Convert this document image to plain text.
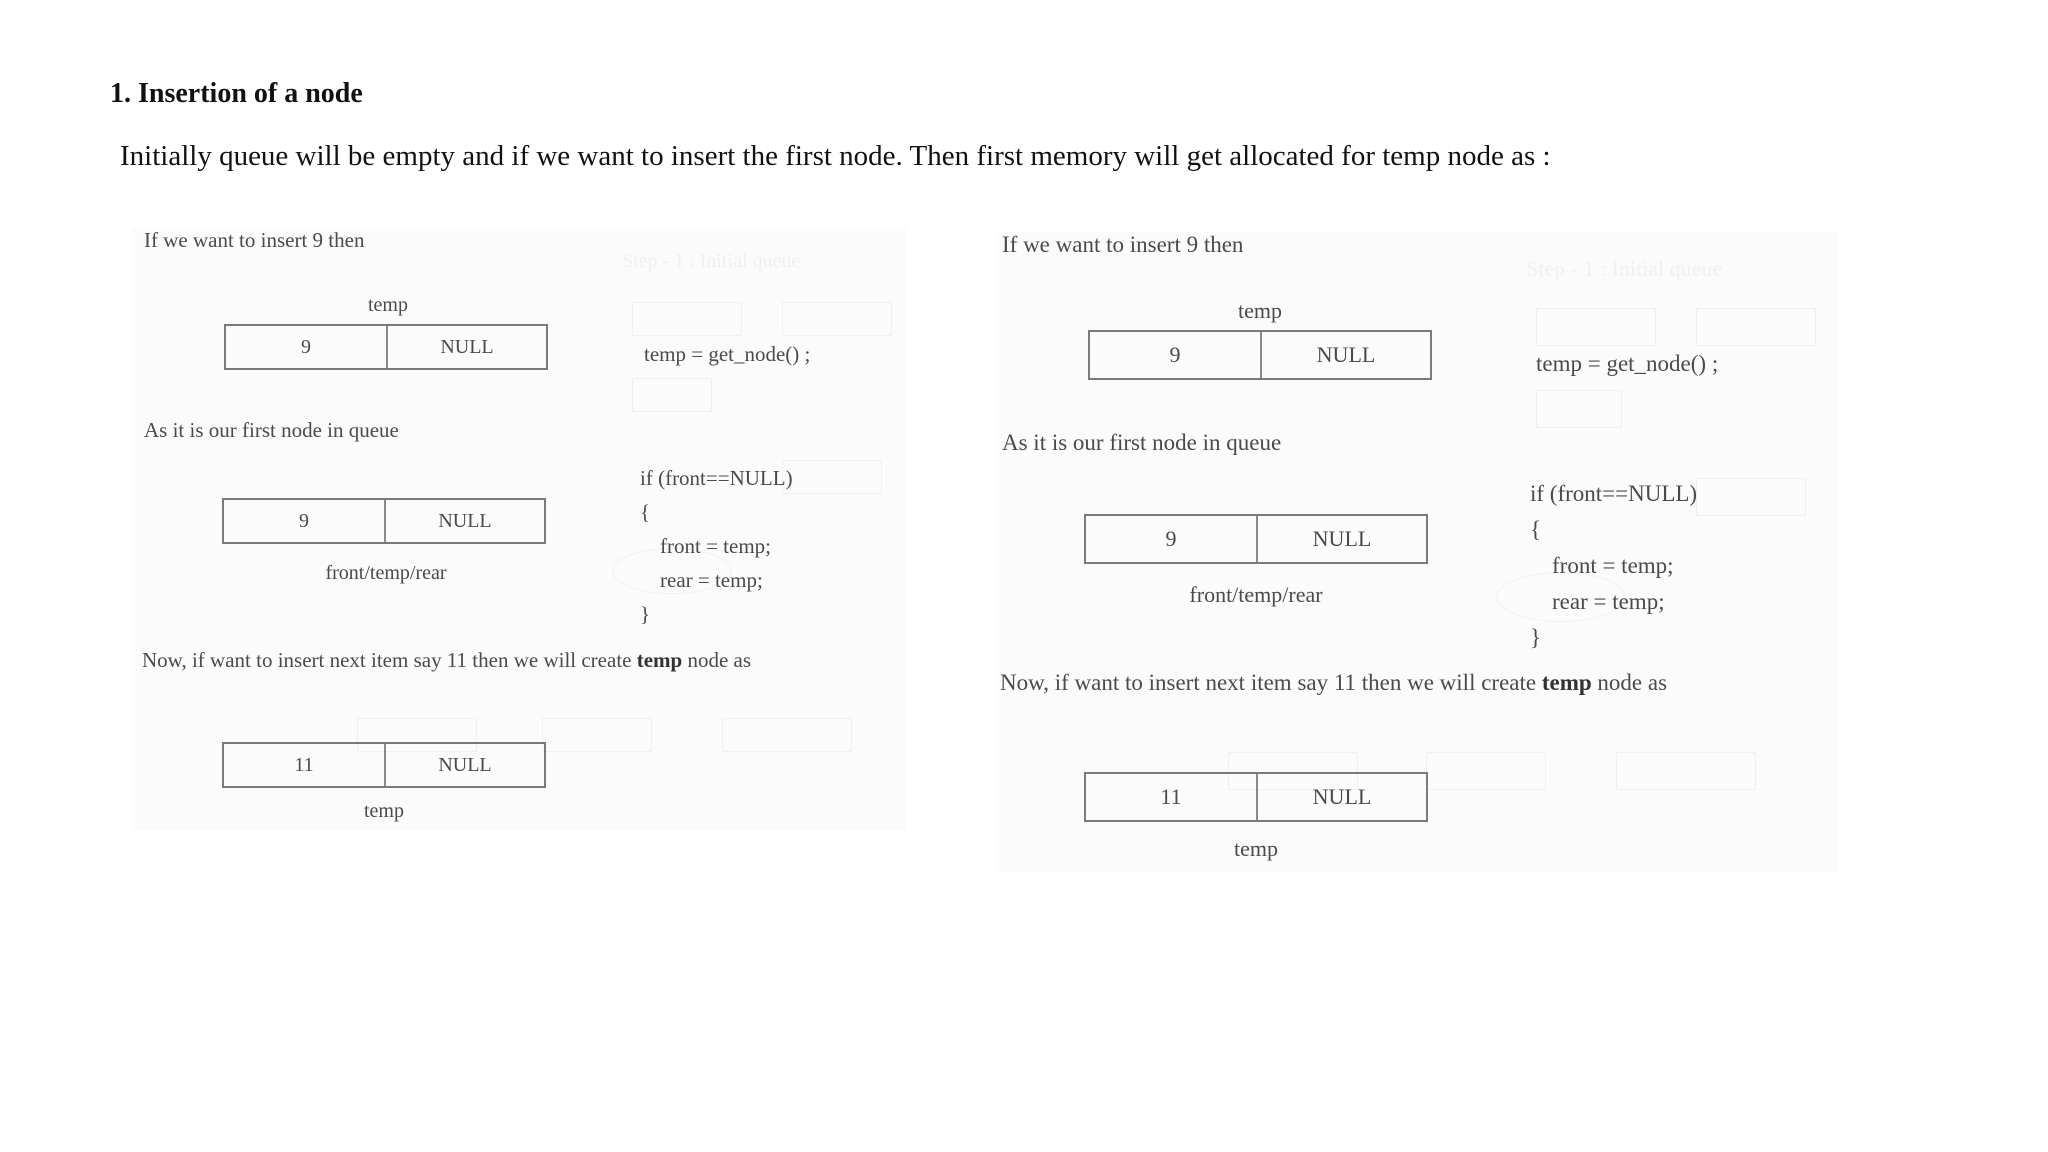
1. Insertion of a node
Initially queue will be empty and if we want to insert the first node. Then first memory will get allocated for temp node as :
Step - 1 : Initial queue
If we want to insert 9 then
temp
9	NULL	temp = get_node() ;
As it is our first node in queue
9	NULL
front/temp/rear
if (front==NULL)
{
front = temp;
rear = temp;
}
Now, if want to insert next item say 11 then we will create temp node as
11	NULL
temp
Step - 1 : Initial queue
If we want to insert 9 then
temp
9	NULL	temp = get_node() ;
As it is our first node in queue
9	NULL
front/temp/rear
if (front==NULL)
{
front = temp;
rear = temp;
}
Now, if want to insert next item say 11 then we will create temp node as
11	NULL
temp
